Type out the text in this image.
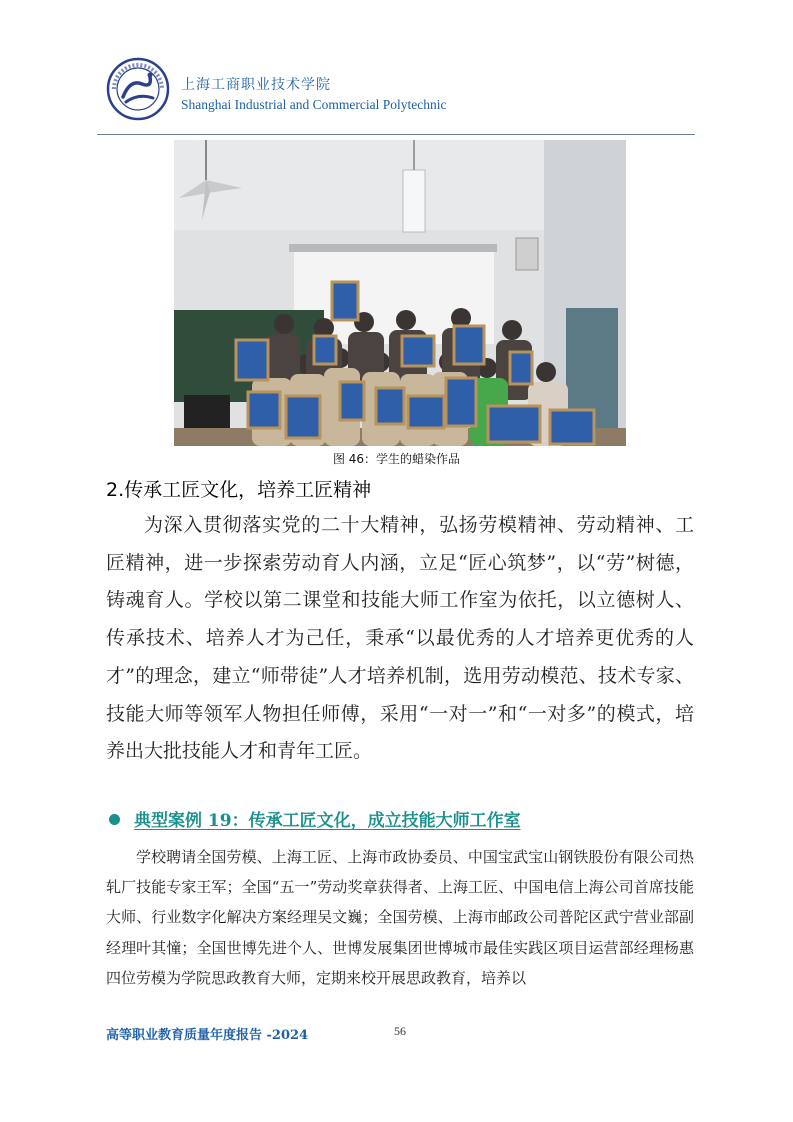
上海工商职业技术学院
Shanghai Industrial and Commercial Polytechnic
图 46：学生的蜡染作品
2.传承工匠文化，培养工匠精神

为深入贯彻落实党的二十大精神，弘扬劳模精神、劳动精神、工匠精神，进一步探索劳动育人内涵，立足“匠心筑梦”，以“劳”树德，铸魂育人。学校以第二课堂和技能大师工作室为依托，以立德树人、传承技术、培养人才为己任，秉承“以最优秀的人才培养更优秀的人才”的理念，建立“师带徒”人才培养机制，选用劳动模范、技术专家、技能大师等领军人物担任师傅，采用“一对一”和“一对多”的模式，培养出大批技能人才和青年工匠。

典型案例 19：传承工匠文化，成立技能大师工作室

学校聘请全国劳模、上海工匠、上海市政协委员、中国宝武宝山钢铁股份有限公司热轧厂技能专家王军；全国“五一”劳动奖章获得者、上海工匠、中国电信上海公司首席技能大师、行业数字化解决方案经理吴文巍；全国劳模、上海市邮政公司普陀区武宁营业部副经理叶其憧；全国世博先进个人、世博发展集团世博城市最佳实践区项目运营部经理杨惠四位劳模为学院思政教育大师，定期来校开展思政教育，培养以

高等职业教育质量年度报告 -2024	56
